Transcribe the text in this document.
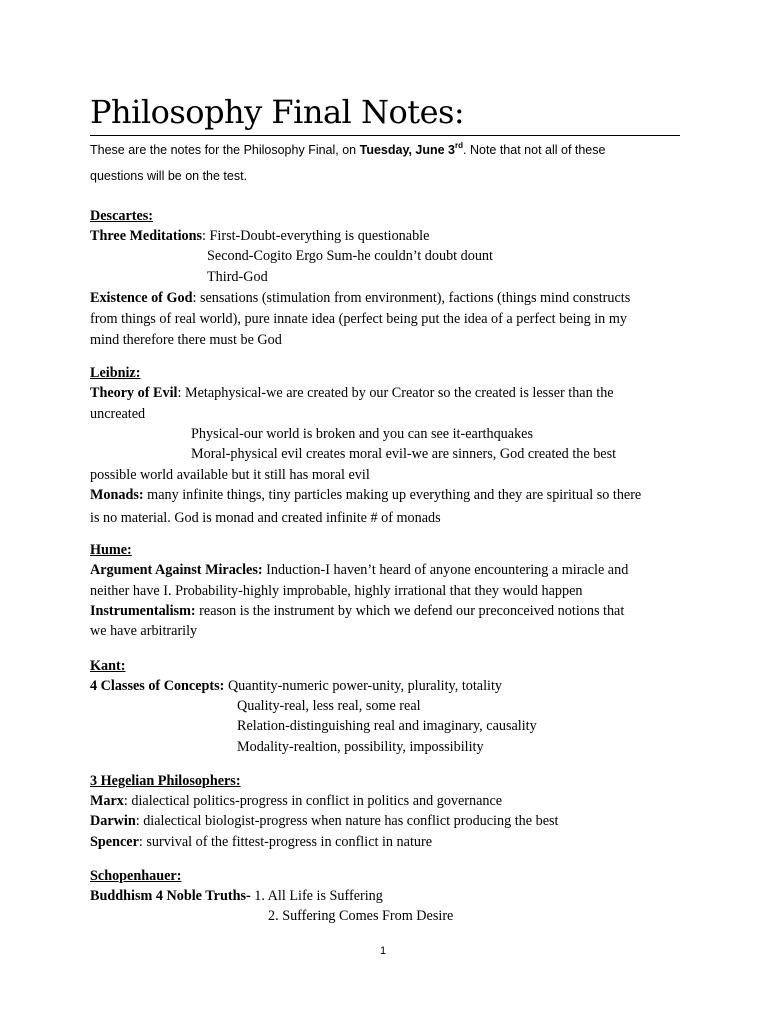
Philosophy Final Notes:
These are the notes for the Philosophy Final, on Tuesday, June 3rd. Note that not all of these
questions will be on the test.
Descartes:
Three Meditations: First-Doubt-everything is questionable
Second-Cogito Ergo Sum-he couldn’t doubt dount
Third-God
Existence of God: sensations (stimulation from environment), factions (things mind constructs
from things of real world), pure innate idea (perfect being put the idea of a perfect being in my
mind therefore there must be God
Leibniz:
Theory of Evil: Metaphysical-we are created by our Creator so the created is lesser than the
uncreated
Physical-our world is broken and you can see it-earthquakes
Moral-physical evil creates moral evil-we are sinners, God created the best
possible world available but it still has moral evil
Monads: many infinite things, tiny particles making up everything and they are spiritual so there
is no material. God is monad and created infinite # of monads
Hume:
Argument Against Miracles: Induction-I haven’t heard of anyone encountering a miracle and
neither have I. Probability-highly improbable, highly irrational that they would happen
Instrumentalism: reason is the instrument by which we defend our preconceived notions that
we have arbitrarily
Kant:
4 Classes of Concepts: Quantity-numeric power-unity, plurality, totality
Quality-real, less real, some real
Relation-distinguishing real and imaginary, causality
Modality-realtion, possibility, impossibility
3 Hegelian Philosophers:
Marx: dialectical politics-progress in conflict in politics and governance
Darwin: dialectical biologist-progress when nature has conflict producing the best
Spencer: survival of the fittest-progress in conflict in nature
Schopenhauer:
Buddhism 4 Noble Truths- 1. All Life is Suffering
2. Suffering Comes From Desire
1
